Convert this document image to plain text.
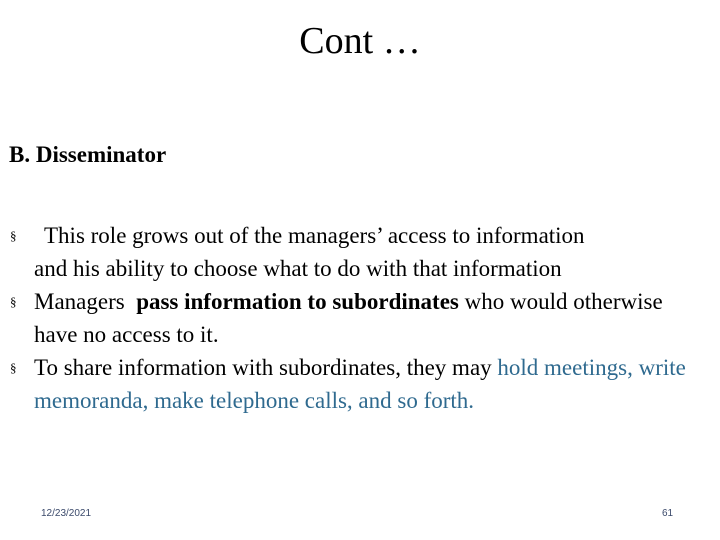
Cont …
B. Disseminator
§ This role grows out of the managers’ access to information
and his ability to choose what to do with that information
§ Managers  pass information to subordinates who would otherwise have no access to it.
§ To share information with subordinates, they may hold meetings, write memoranda, make telephone calls, and so forth.
12/23/2021	61
